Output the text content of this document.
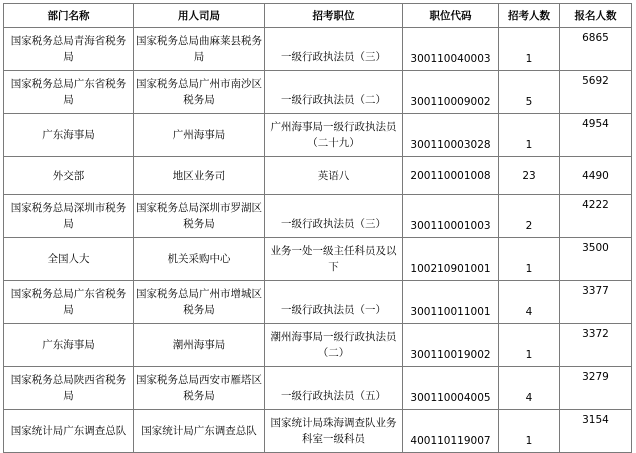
部门名称	用人司局	招考职位	职位代码	招考人数	报名人数
国家税务总局青海省税务局	国家税务总局曲麻莱县税务局	一级行政执法员（三）	300110040003	1	6865
国家税务总局广东省税务局	国家税务总局广州市南沙区税务局	一级行政执法员（二）	300110009002	5	5692
广东海事局	广州海事局	广州海事局一级行政执法员（二十九）	300110003028	1	4954
外交部	地区业务司	英语八	200110001008	23	4490
国家税务总局深圳市税务局	国家税务总局深圳市罗湖区税务局	一级行政执法员（三）	300110001003	2	4222
全国人大	机关采购中心	业务一处一级主任科员及以下	100210901001	1	3500
国家税务总局广东省税务局	国家税务总局广州市增城区税务局	一级行政执法员（一）	300110011001	4	3377
广东海事局	潮州海事局	潮州海事局一级行政执法员（二）	300110019002	1	3372
国家税务总局陕西省税务局	国家税务总局西安市雁塔区税务局	一级行政执法员（五）	300110004005	4	3279
国家统计局广东调查总队	国家统计局广东调查总队	国家统计局珠海调查队业务科室一级科员	400110119007	1	3154
